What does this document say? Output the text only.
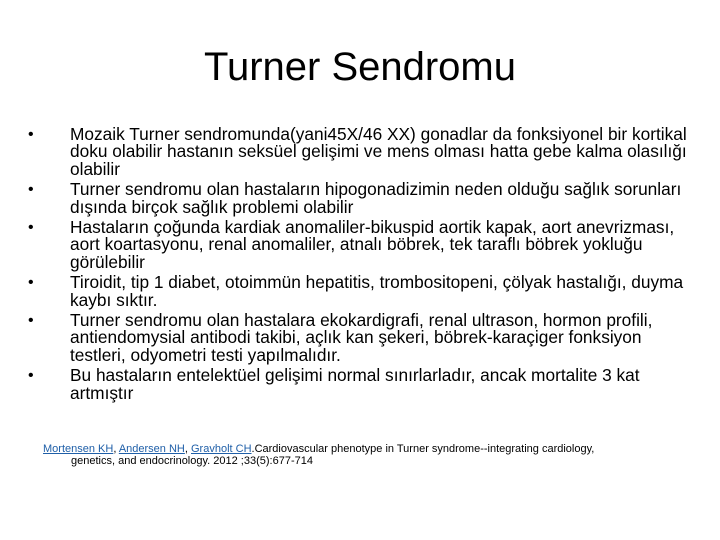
Turner Sendromu
•	Mozaik Turner sendromunda(yani45X/46 XX) gonadlar da fonksiyonel bir kortikal doku olabilir hastanın seksüel gelişimi ve mens olması hatta gebe kalma olasılığı olabilir
•	Turner sendromu olan hastaların hipogonadizimin neden olduğu sağlık sorunları dışında birçok sağlık problemi olabilir
•	Hastaların çoğunda kardiak anomaliler-bikuspid aortik kapak, aort anevrizması, aort koartasyonu, renal anomaliler, atnalı böbrek, tek taraflı böbrek yokluğu görülebilir
•	Tiroidit, tip 1 diabet, otoimmün hepatitis, trombositopeni, çölyak hastalığı, duyma kaybı sıktır.
•	Turner sendromu olan hastalara ekokardigrafi, renal ultrason, hormon profili, antiendomysial antibodi takibi, açlık kan şekeri, böbrek-karaçiger fonksiyon testleri, odyometri testi yapılmalıdır.
•	Bu hastaların entelektüel gelişimi normal sınırlarladır, ancak mortalite 3 kat artmıştır
Mortensen KH, Andersen NH, Gravholt CH.Cardiovascular phenotype in Turner syndrome--integrating cardiology,
genetics, and endocrinology. 2012 ;33(5):677-714
